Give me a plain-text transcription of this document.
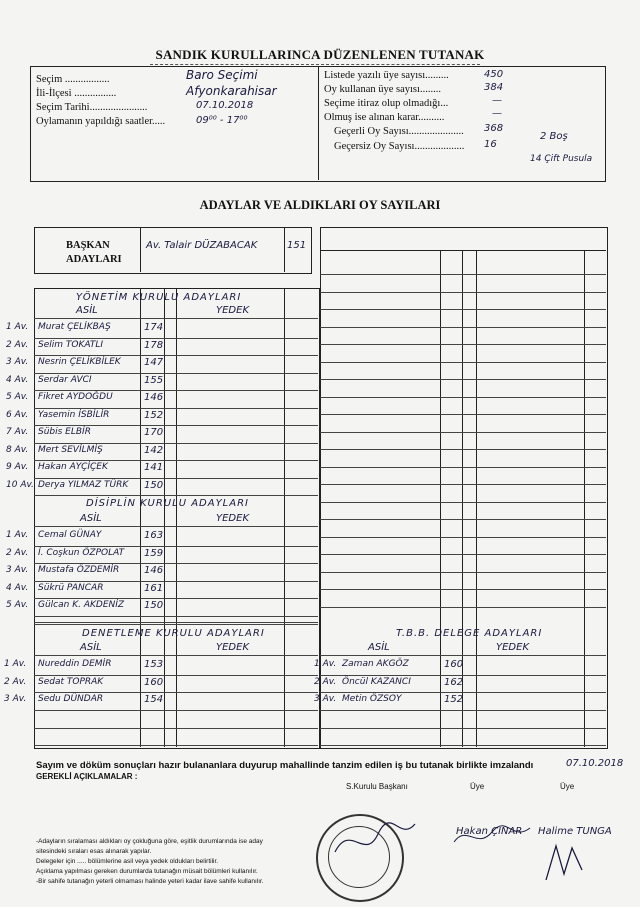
SANDIK KURULLARINCA DÜZENLENEN TUTANAK
Seçim .................	Baro Seçimi
İli-İlçesi ................	Afyonkarahisar
Seçim Tarihi......................	07.10.2018
Oylamanın yapıldığı saatler.....	09⁰⁰ - 17⁰⁰
Listede yazılı üye sayısı.........	450
Oy kullanan üye sayısı........	384
Seçime itiraz olup olmadığı...	—
Olmuş ise alınan karar..........	—
Geçerli Oy Sayısı..................... 368
Geçersiz Oy Sayısı................... 16
2 Boş
14 Çift Pusula
ADAYLAR VE ALDIKLARI OY SAYILARI
BAŞKAN
ADAYLARI
Av. Talair DÜZABACAK	151
YÖNETİM KURULU ADAYLARI
ASİL	YEDEK
1 Av. Murat ÇELİKBAŞ	174
2 Av. Selim TOKATLI	178
3 Av. Nesrin ÇELİKBİLEK 147
4 Av. Serdar AVCI	155
5 Av. Fikret AYDOĞDU	146
6 Av. Yasemin İSBİLİR	152
7 Av. Sübis ELBİR	170
8 Av. Mert SEVİLMİŞ	142
9 Av. Hakan AYÇİÇEK	141
10 Av. Derya YILMAZ TÜRK 150
DİSİPLİN KURULU ADAYLARI
ASİL	YEDEK
1 Av. Cemal GÜNAY	163
2 Av. İ. Coşkun ÖZPOLAT 159
3 Av. Mustafa ÖZDEMİR 146
4 Av. Sükrü PANCAR	161
5 Av. Gülcan K. AKDENİZ 150
DENETLEME KURULU ADAYLARI
ASİL	YEDEK
1 Av. Nureddin DEMİR	153
2 Av. Sedat TOPRAK	160
3 Av. Sedu DÜNDAR	154
T.B.B. DELEGE ADAYLARI
ASİL	YEDEK
1 Av. Zaman AKGÖZ	160
2 Av. Öncül KAZANCI	162
3 Av. Metin ÖZSOY	152
Sayım ve döküm sonuçları hazır bulananlara duyurup mahallinde tanzim edilen iş bu tutanak birlikte imzalandı	07.10.2018
GEREKLİ AÇIKLAMALAR :
-Adayların sıralaması aldıkları oy çokluğuna göre, eşitlik durumlarında ise aday
sitesindeki sıraları esas alınarak yapılar.
Delegeler için ..... bölümlerine asil veya yedek oldukları belirtilir.
Açıklama yapılması gereken durumlarda tutanağın müsait bölümleri kullanılır.
-Bir sahife tutanağın yeterli olmaması halinde yeteri kadar ilave sahife kullanılır.
S.Kurulu Başkanı	Üye	Üye
Hakan ÇINAR Halime TUNGA
